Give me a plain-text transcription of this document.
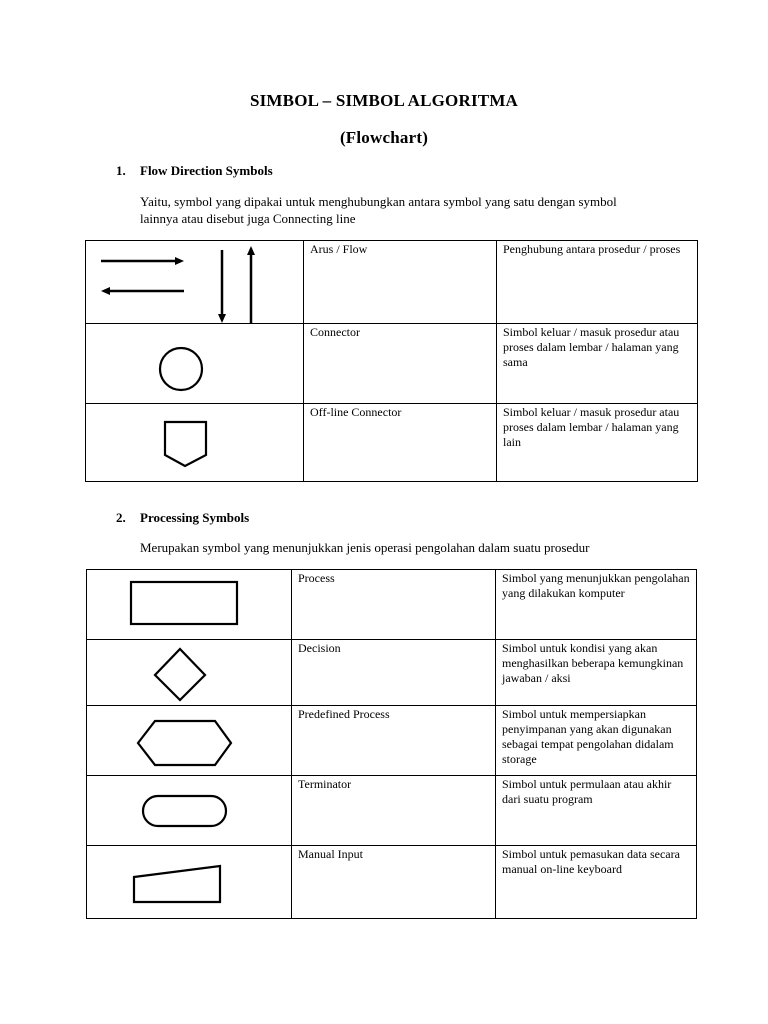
SIMBOL – SIMBOL ALGORITMA
(Flowchart)
1. Flow Direction Symbols
Yaitu, symbol yang dipakai untuk menghubungkan antara symbol yang satu dengan symbol
lainnya atau disebut juga Connecting line
	Arus / Flow	Penghubung antara prosedur / proses

	Connector	Simbol keluar / masuk prosedur atau proses dalam lembar / halaman yang sama

	Off-line Connector	Simbol keluar / masuk prosedur atau proses dalam lembar / halaman yang lain
2. Processing Symbols
Merupakan symbol yang menunjukkan jenis operasi pengolahan dalam suatu prosedur
	Process	Simbol yang menunjukkan pengolahan yang dilakukan komputer

	Decision	Simbol untuk kondisi yang akan menghasilkan beberapa kemungkinan jawaban / aksi

	Predefined Process	Simbol untuk mempersiapkan penyimpanan yang akan digunakan sebagai tempat pengolahan didalam storage

	Terminator	Simbol untuk permulaan atau akhir dari suatu program

	Manual Input	Simbol untuk pemasukan data secara manual on-line keyboard
